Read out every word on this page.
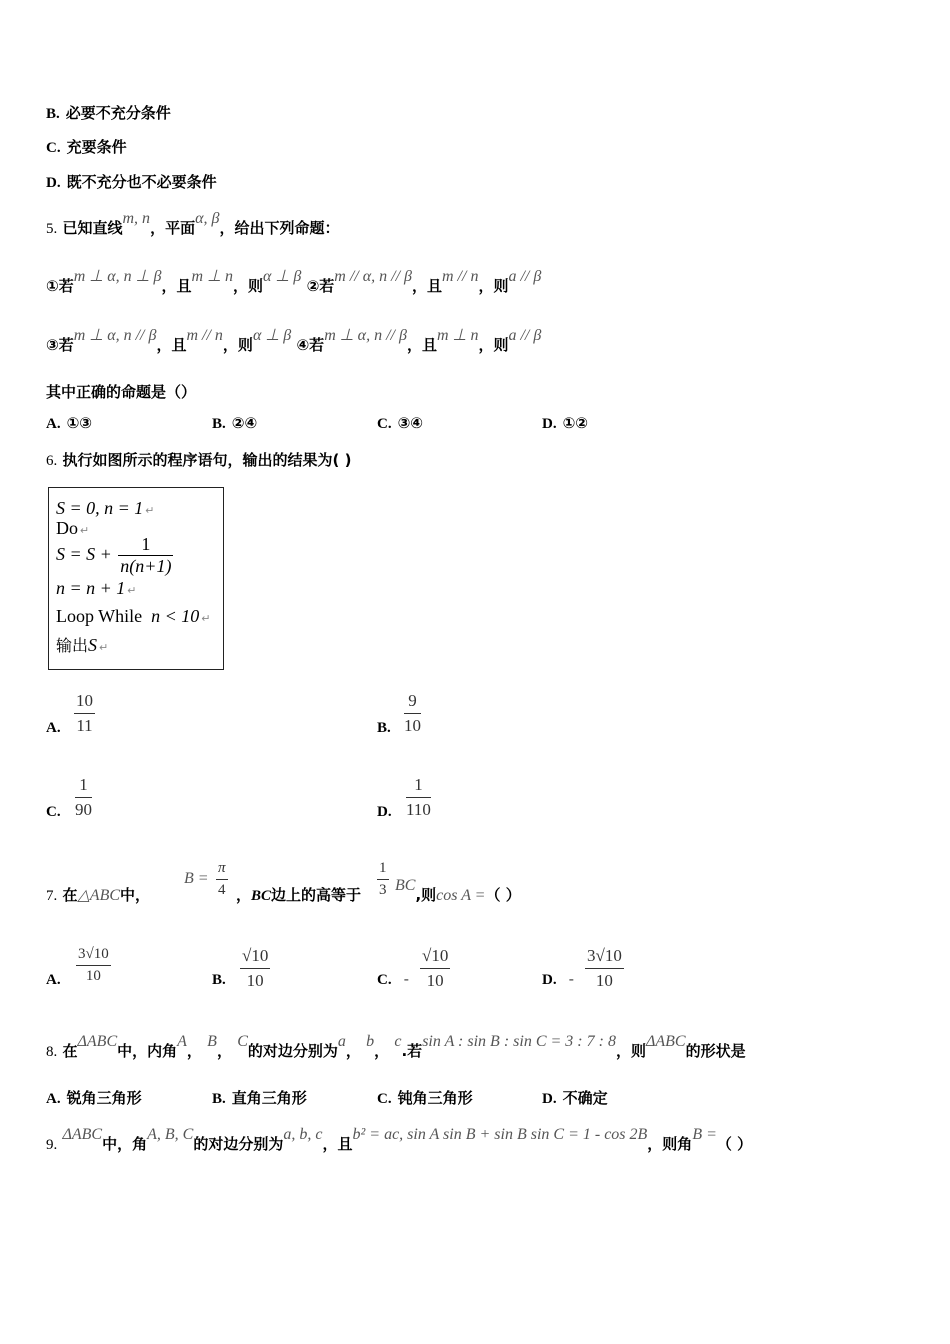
B. 必要不充分条件
C. 充要条件
D. 既不充分也不必要条件
5. 已知直线m, n，平面α, β，给出下列命题：
①若m ⊥ α, n ⊥ β，且m ⊥ n，则α ⊥ β ②若m // α, n // β，且m // n，则a // β
③若m ⊥ α, n // β，且m // n，则α ⊥ β ④若m ⊥ α, n // β，且m ⊥ n，则a // β
其中正确的命题是（）
A. ①③	B. ②④	C. ③④	D. ①②
6. 执行如图所示的程序语句，输出的结果为( )
S = 0, n = 1 ↵
Do ↵
$S = S + \frac{1}{n(n+1)}$
n = n + 1 ↵
Loop While n < 10 ↵
输出S ↵
A. $\frac{10}{11}$	B. $\frac{9}{10}$
C. $\frac{1}{90}$	D. $\frac{1}{110}$
7. 在△ABC中，
$B = \frac{\pi}{4}$ ，BC边上的高等于 $\frac{1}{3}$ BC,则cos A =（ ）
A.	$\frac{3√10}{10}$	B. $\frac{√10}{10}$	C. - $\frac{√10}{10}$	D. - $\frac{3√10}{10}$
8. 在ΔABC中，内角A， B， C的对边分别为a， b， c.若sin A : sin B : sin C = 3 : 7 : 8，则ΔABC的形状是
A. 锐角三角形	B. 直角三角形	C. 钝角三角形	D. 不确定
9. ΔABC中，角A, B, C的对边分别为a, b, c，且b² = ac, sin A sin B + sin B sin C = 1 - cos 2B，则角B =（ ）
